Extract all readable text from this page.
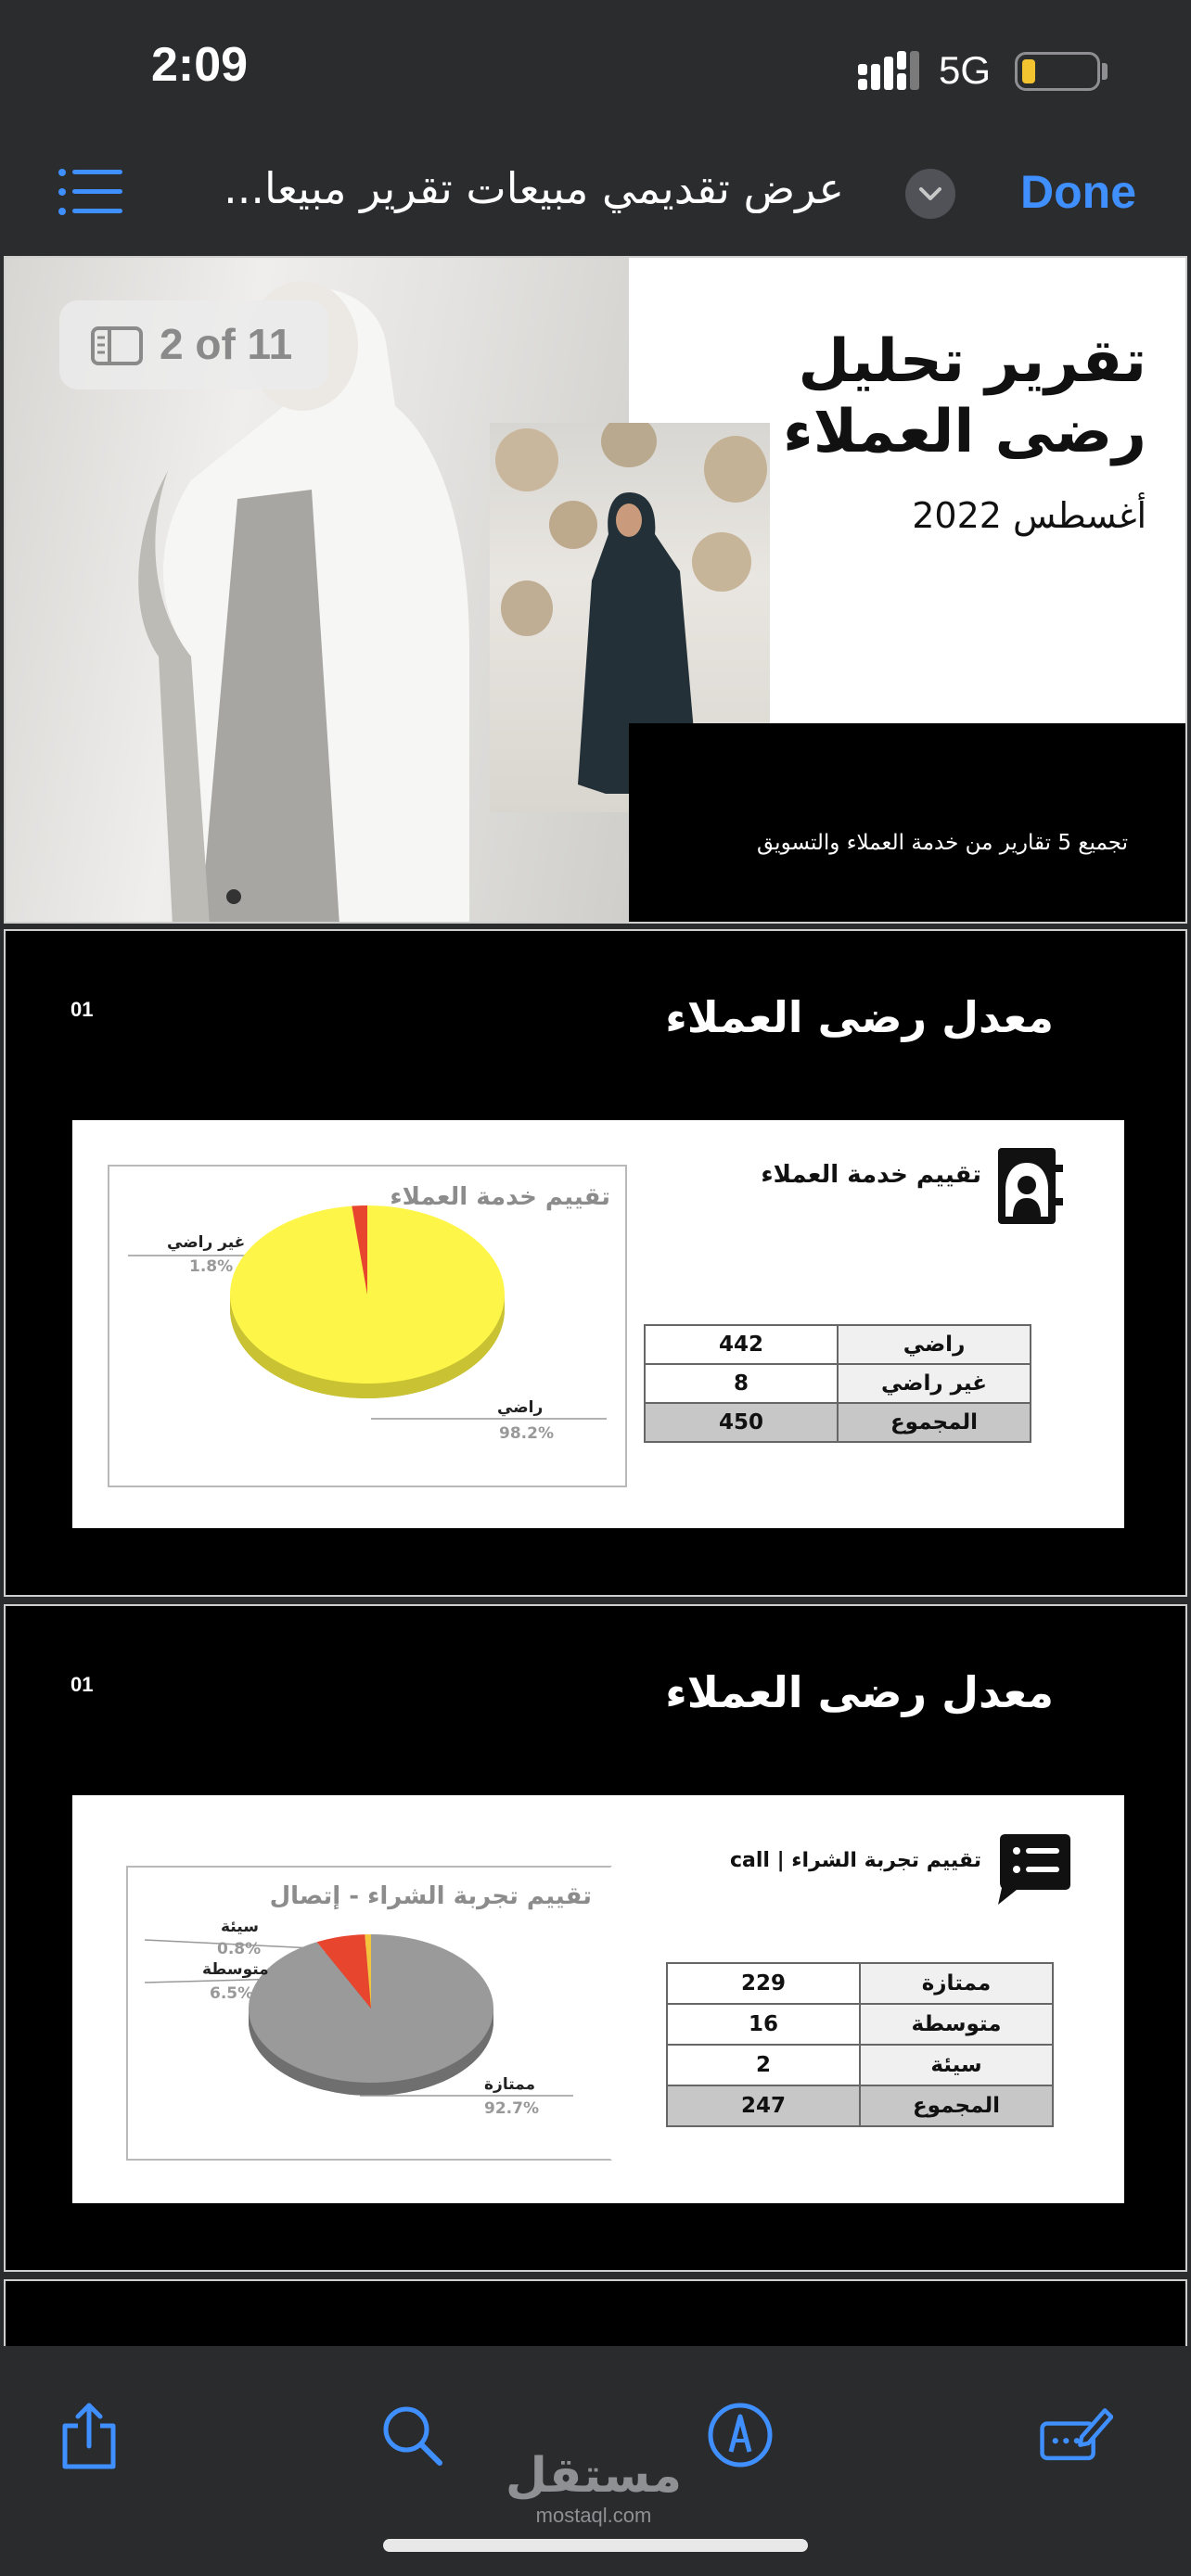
2:09	5G
عرض تقديمي مبيعات تقرير مبيعا...	Done
تقرير تحليل رضى العملاء
أغسطس 2022
تجميع 5 تقارير من خدمة العملاء والتسويق
2 of 11
01	معدل رضى العملاء
تقييم خدمة العملاء
غير راضي
1.8%
راضي
98.2%
تقييم خدمة العملاء
442	راضي
8	غير راضي
450	المجموع
01	معدل رضى العملاء
تقييم تجربة الشراء - إتصال
سيئة
0.8%
متوسطة
6.5%
ممتازة
92.7%
تقييم تجربة الشراء | call
229	ممتازة
16	متوسطة
2	سيئة
247	المجموع
مستقل
mostaql.com
